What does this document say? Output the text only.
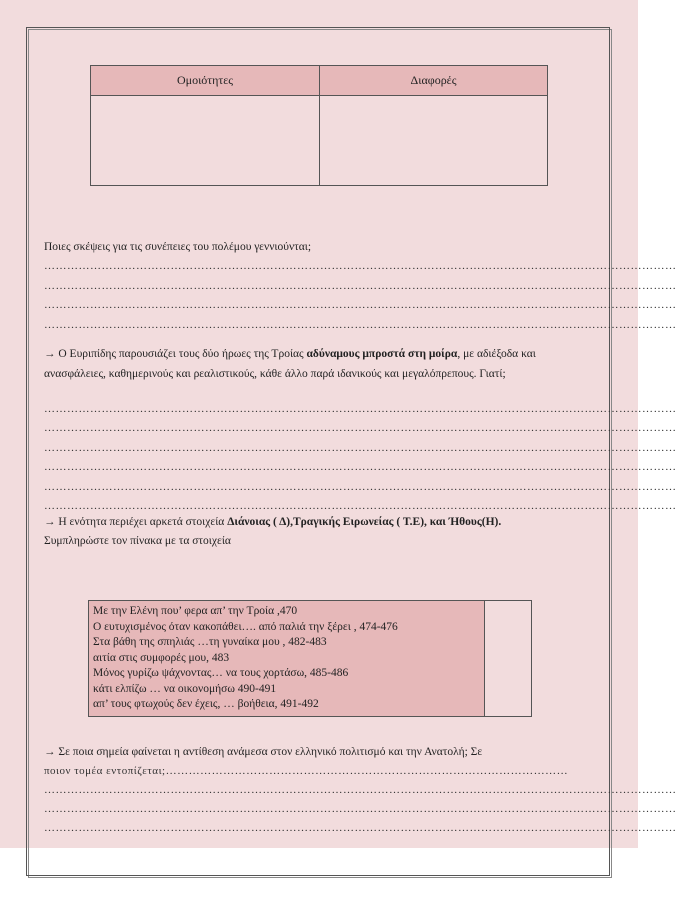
Ομοιότητες	Διαφορές
Ποιες σκέψεις για τις συνέπειες του πολέμου γεννιούνται;
…………………………………………………………………………………………………………………………………………………
…………………………………………………………………………………………………………………………………………………
…………………………………………………………………………………………………………………………………………………
…………………………………………………………………………………………………………………………………………………
→ Ο Ευριπίδης παρουσιάζει τους δύο ήρωες της Τροίας αδύναμους μπροστά στη μοίρα, με αδιέξοδα και ανασφάλειες, καθημερινούς και ρεαλιστικούς, κάθε άλλο παρά ιδανικούς και μεγαλόπρεπους. Γιατί;
…………………………………………………………………………………………………………………………………………………
…………………………………………………………………………………………………………………………………………………
…………………………………………………………………………………………………………………………………………………
…………………………………………………………………………………………………………………………………………………
…………………………………………………………………………………………………………………………………………………
…………………………………………………………………………………………………………………………………………………
→ Η ενότητα περιέχει αρκετά στοιχεία Διάνοιας ( Δ),Τραγικής Ειρωνείας ( Τ.Ε), και Ήθους(Η).
Συμπληρώστε τον πίνακα με τα στοιχεία
Με την Ελένη που’ φερα απ’ την Τροία ,470
Ο ευτυχισμένος όταν κακοπάθει…. από παλιά την ξέρει , 474-476
Στα βάθη της σπηλιάς …τη γυναίκα μου , 482-483
αιτία στις συμφορές μου, 483
Μόνος γυρίζω ψάχνοντας… να τους χορτάσω, 485-486
κάτι ελπίζω … να οικονομήσω 490-491
απ’ τους φτωχούς δεν έχεις, … βοήθεια, 491-492
→ Σε ποια σημεία φαίνεται η αντίθεση ανάμεσα στον ελληνικό πολιτισμό και την Ανατολή; Σε
ποιον τομέα εντοπίζεται;……………………………………………………………………………………………
…………………………………………………………………………………………………………………………………………………
…………………………………………………………………………………………………………………………………………………
…………………………………………………………………………………………………………………………………………………
